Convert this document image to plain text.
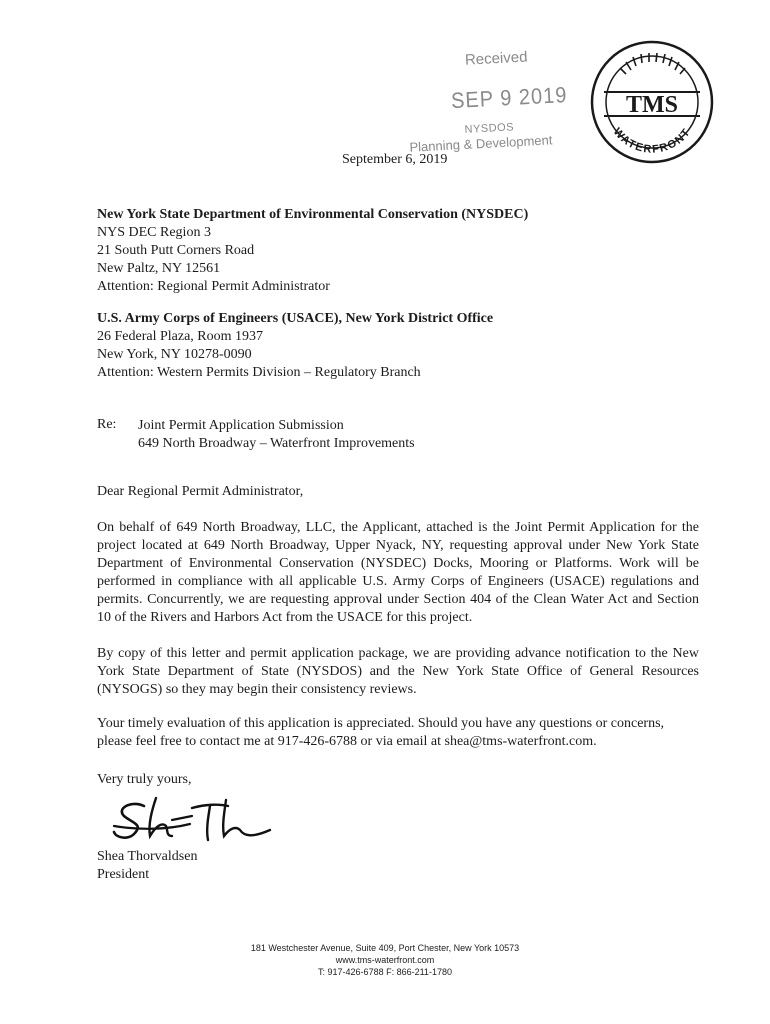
Received
SEP 9 2019
NYSDOS
Planning & Development
TMS
WATERFRONT
September 6, 2019
New York State Department of Environmental Conservation (NYSDEC)
NYS DEC Region 3
21 South Putt Corners Road
New Paltz, NY 12561
Attention: Regional Permit Administrator
U.S. Army Corps of Engineers (USACE), New York District Office
26 Federal Plaza, Room 1937
New York, NY 10278-0090
Attention: Western Permits Division – Regulatory Branch
Re: Joint Permit Application Submission
649 North Broadway – Waterfront Improvements
Dear Regional Permit Administrator,
On behalf of 649 North Broadway, LLC, the Applicant, attached is the Joint Permit Application for the project located at 649 North Broadway, Upper Nyack, NY, requesting approval under New York State Department of Environmental Conservation (NYSDEC) Docks, Mooring or Platforms. Work will be performed in compliance with all applicable U.S. Army Corps of Engineers (USACE) regulations and permits. Concurrently, we are requesting approval under Section 404 of the Clean Water Act and Section 10 of the Rivers and Harbors Act from the USACE for this project.
By copy of this letter and permit application package, we are providing advance notification to the New York State Department of State (NYSDOS) and the New York State Office of General Resources (NYSOGS) so they may begin their consistency reviews.
Your timely evaluation of this application is appreciated. Should you have any questions or concerns, please feel free to contact me at 917-426-6788 or via email at shea@tms-waterfront.com.
Very truly yours,
Shea Thorvaldsen
President
181 Westchester Avenue, Suite 409, Port Chester, New York 10573
www.tms-waterfront.com
T: 917-426-6788 F: 866-211-1780
